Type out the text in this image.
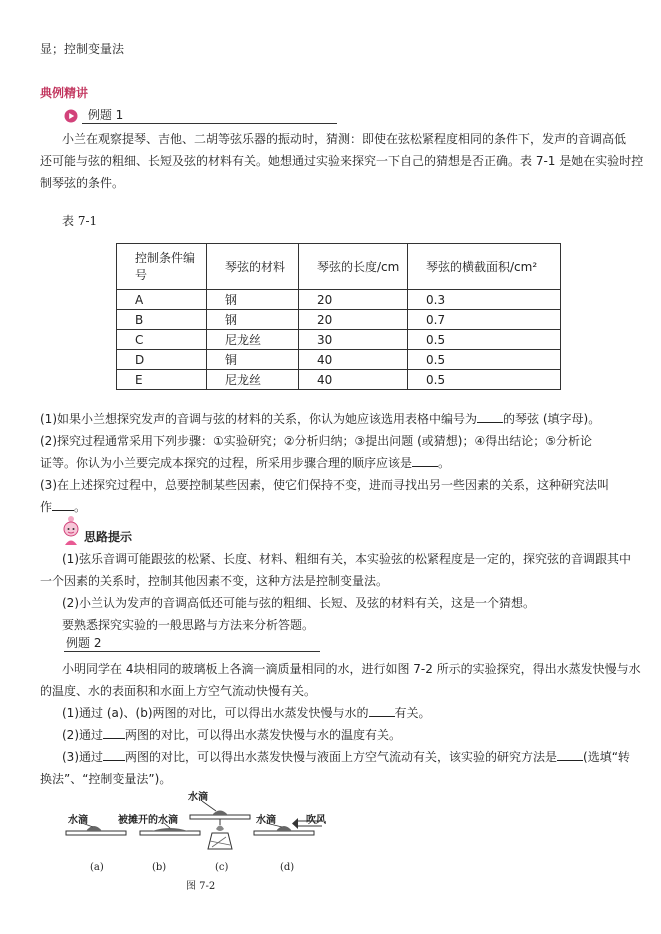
显；控制变量法
典例精讲
例题 1
小兰在观察提琴、吉他、二胡等弦乐器的振动时，猜测：即使在弦松紧程度相同的条件下，发声的音调高低
还可能与弦的粗细、长短及弦的材料有关。她想通过实验来探究一下自己的猜想是否正确。表 7-1 是她在实验时控
制琴弦的条件。
表 7-1
控制条件编
号	琴弦的材料	琴弦的长度/cm	琴弦的横截面积/cm²
A	钢	20	0.3
B	钢	20	0.7
C	尼龙丝	30	0.5
D	铜	40	0.5
E	尼龙丝	40	0.5
(1)如果小兰想探究发声的音调与弦的材料的关系，你认为她应该选用表格中编号为 的琴弦 (填字母)。
(2)探究过程通常采用下列步骤：①实验研究；②分析归纳；③提出问题 (或猜想)；④得出结论；⑤分析论
证等。你认为小兰要完成本探究的过程，所采用步骤合理的顺序应该是 。
(3)在上述探究过程中，总要控制某些因素，使它们保持不变，进而寻找出另一些因素的关系，这种研究法叫
作 。
思路提示
(1)弦乐音调可能跟弦的松紧、长度、材料、粗细有关，本实验弦的松紧程度是一定的，探究弦的音调跟其中
一个因素的关系时，控制其他因素不变，这种方法是控制变量法。
(2)小兰认为发声的音调高低还可能与弦的粗细、长短、及弦的材料有关，这是一个猜想。
要熟悉探究实验的一般思路与方法来分析答题。
例题 2
小明同学在 4块相同的玻璃板上各滴一滴质量相同的水，进行如图 7-2 所示的实验探究，得出水蒸发快慢与水
的温度、水的表面积和水面上方空气流动快慢有关。
(1)通过 (a)、(b)两图的对比，可以得出水蒸发快慢与水的 有关。
(2)通过 两图的对比，可以得出水蒸发快慢与水的温度有关。
(3)通过 两图的对比，可以得出水蒸发快慢与液面上方空气流动有关，该实验的研究方法是 (选填“转
换法”、“控制变量法”)。
水滴	被摊开的水滴
水滴
水滴	吹风
(a)	(b)	(c)	(d)
图 7-2
